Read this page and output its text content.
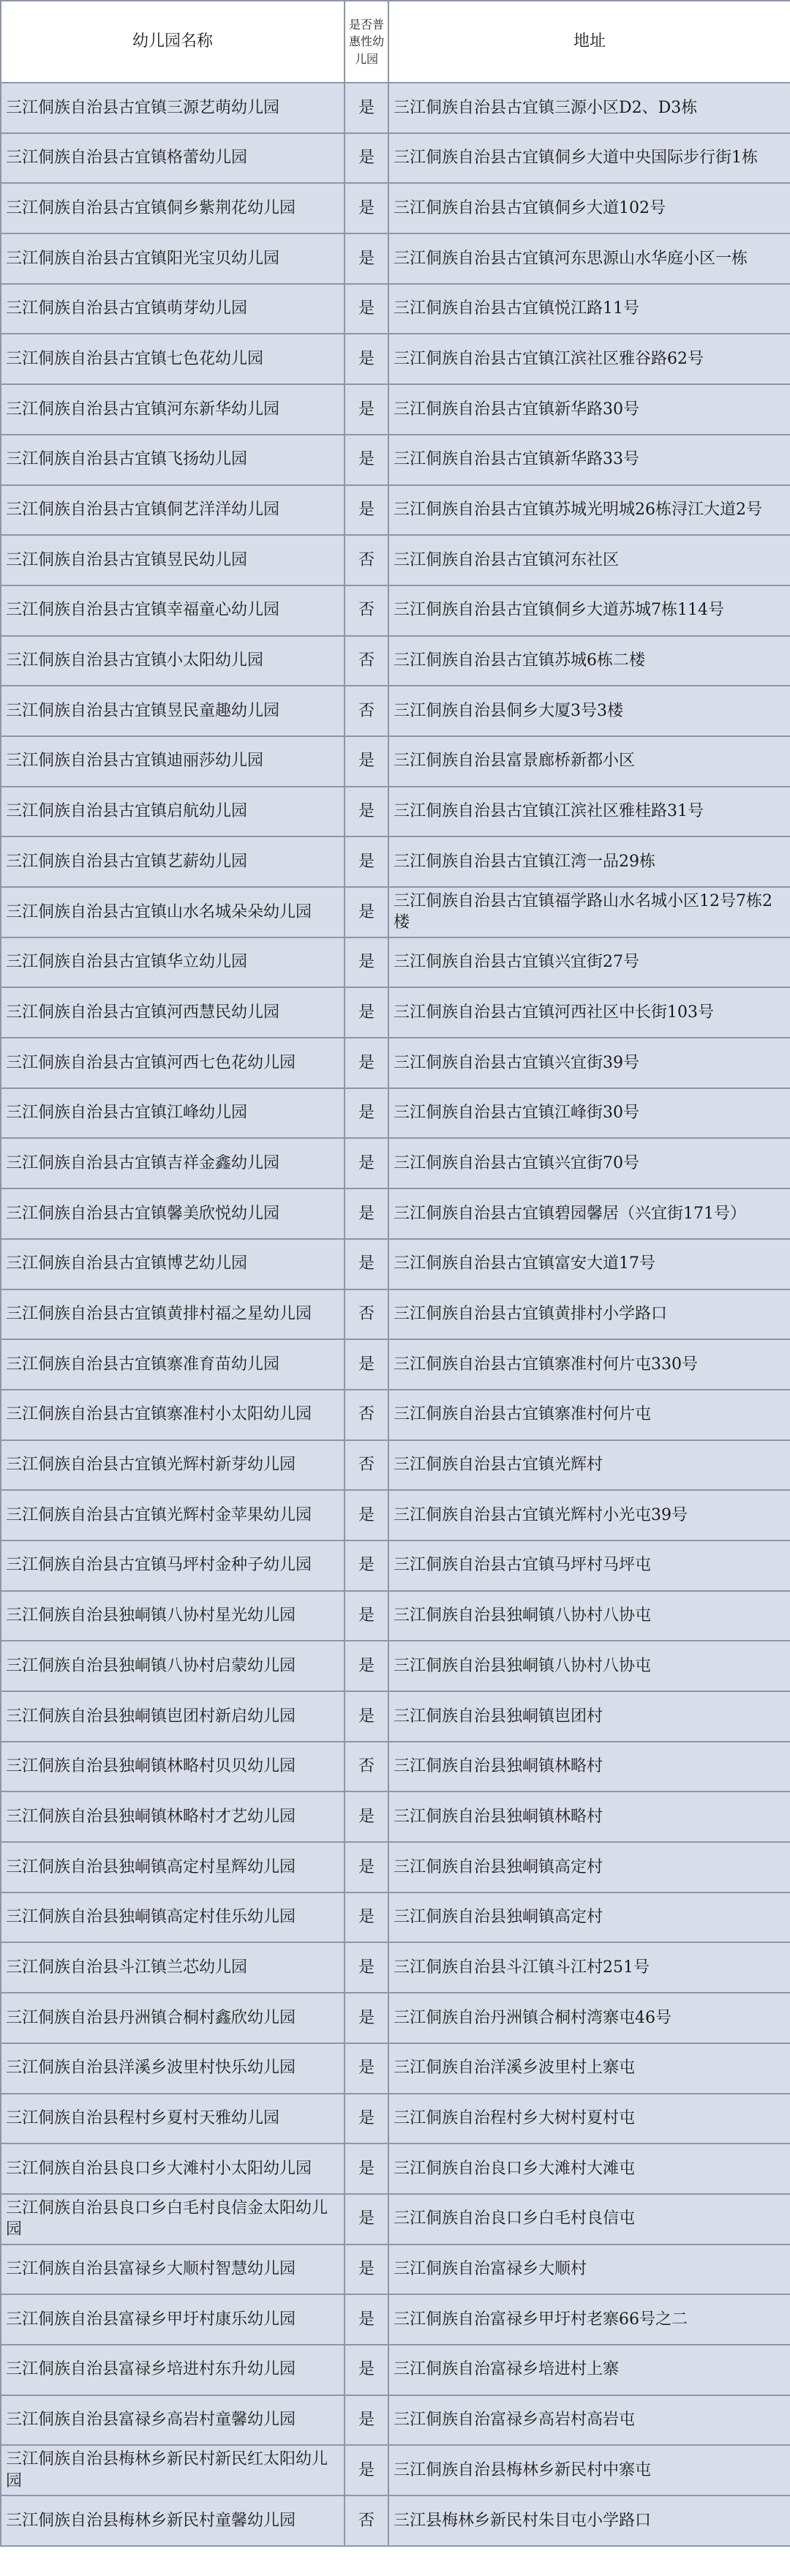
幼儿园名称	是否普惠性幼儿园	地址
三江侗族自治县古宜镇三源艺萌幼儿园	是	三江侗族自治县古宜镇三源小区D2、D3栋
三江侗族自治县古宜镇格蕾幼儿园	是	三江侗族自治县古宜镇侗乡大道中央国际步行街1栋
三江侗族自治县古宜镇侗乡紫荆花幼儿园	是	三江侗族自治县古宜镇侗乡大道102号
三江侗族自治县古宜镇阳光宝贝幼儿园	是	三江侗族自治县古宜镇河东思源山水华庭小区一栋
三江侗族自治县古宜镇萌芽幼儿园	是	三江侗族自治县古宜镇悦江路11号
三江侗族自治县古宜镇七色花幼儿园	是	三江侗族自治县古宜镇江滨社区雅谷路62号
三江侗族自治县古宜镇河东新华幼儿园	是	三江侗族自治县古宜镇新华路30号
三江侗族自治县古宜镇飞扬幼儿园	是	三江侗族自治县古宜镇新华路33号
三江侗族自治县古宜镇侗艺洋洋幼儿园	是	三江侗族自治县古宜镇苏城光明城26栋浔江大道2号
三江侗族自治县古宜镇昱民幼儿园	否	三江侗族自治县古宜镇河东社区
三江侗族自治县古宜镇幸福童心幼儿园	否	三江侗族自治县古宜镇侗乡大道苏城7栋114号
三江侗族自治县古宜镇小太阳幼儿园	否	三江侗族自治县古宜镇苏城6栋二楼
三江侗族自治县古宜镇昱民童趣幼儿园	否	三江侗族自治县侗乡大厦3号3楼
三江侗族自治县古宜镇迪丽莎幼儿园	是	三江侗族自治县富景廊桥新都小区
三江侗族自治县古宜镇启航幼儿园	是	三江侗族自治县古宜镇江滨社区雅桂路31号
三江侗族自治县古宜镇艺薪幼儿园	是	三江侗族自治县古宜镇江湾一品29栋
三江侗族自治县古宜镇山水名城朵朵幼儿园	是	三江侗族自治县古宜镇福学路山水名城小区12号7栋2楼
三江侗族自治县古宜镇华立幼儿园	是	三江侗族自治县古宜镇兴宜街27号
三江侗族自治县古宜镇河西慧民幼儿园	是	三江侗族自治县古宜镇河西社区中长街103号
三江侗族自治县古宜镇河西七色花幼儿园	是	三江侗族自治县古宜镇兴宜街39号
三江侗族自治县古宜镇江峰幼儿园	是	三江侗族自治县古宜镇江峰街30号
三江侗族自治县古宜镇吉祥金鑫幼儿园	是	三江侗族自治县古宜镇兴宜街70号
三江侗族自治县古宜镇馨美欣悦幼儿园	是	三江侗族自治县古宜镇碧园馨居（兴宜街171号）
三江侗族自治县古宜镇博艺幼儿园	是	三江侗族自治县古宜镇富安大道17号
三江侗族自治县古宜镇黄排村福之星幼儿园	否	三江侗族自治县古宜镇黄排村小学路口
三江侗族自治县古宜镇寨准育苗幼儿园	是	三江侗族自治县古宜镇寨准村何片屯330号
三江侗族自治县古宜镇寨准村小太阳幼儿园	否	三江侗族自治县古宜镇寨准村何片屯
三江侗族自治县古宜镇光辉村新芽幼儿园	否	三江侗族自治县古宜镇光辉村
三江侗族自治县古宜镇光辉村金苹果幼儿园	是	三江侗族自治县古宜镇光辉村小光屯39号
三江侗族自治县古宜镇马坪村金种子幼儿园	是	三江侗族自治县古宜镇马坪村马坪屯
三江侗族自治县独峒镇八协村星光幼儿园	是	三江侗族自治县独峒镇八协村八协屯
三江侗族自治县独峒镇八协村启蒙幼儿园	是	三江侗族自治县独峒镇八协村八协屯
三江侗族自治县独峒镇岜团村新启幼儿园	是	三江侗族自治县独峒镇岜团村
三江侗族自治县独峒镇林略村贝贝幼儿园	否	三江侗族自治县独峒镇林略村
三江侗族自治县独峒镇林略村才艺幼儿园	是	三江侗族自治县独峒镇林略村
三江侗族自治县独峒镇高定村星辉幼儿园	是	三江侗族自治县独峒镇高定村
三江侗族自治县独峒镇高定村佳乐幼儿园	是	三江侗族自治县独峒镇高定村
三江侗族自治县斗江镇兰芯幼儿园	是	三江侗族自治县斗江镇斗江村251号
三江侗族自治县丹洲镇合桐村鑫欣幼儿园	是	三江侗族自治丹洲镇合桐村湾寨屯46号
三江侗族自治县洋溪乡波里村快乐幼儿园	是	三江侗族自治洋溪乡波里村上寨屯
三江侗族自治县程村乡夏村天雅幼儿园	是	三江侗族自治程村乡大树村夏村屯
三江侗族自治县良口乡大滩村小太阳幼儿园	是	三江侗族自治良口乡大滩村大滩屯
三江侗族自治县良口乡白毛村良信金太阳幼儿园	是	三江侗族自治良口乡白毛村良信屯
三江侗族自治县富禄乡大顺村智慧幼儿园	是	三江侗族自治富禄乡大顺村
三江侗族自治县富禄乡甲圩村康乐幼儿园	是	三江侗族自治富禄乡甲圩村老寨66号之二
三江侗族自治县富禄乡培进村东升幼儿园	是	三江侗族自治富禄乡培进村上寨
三江侗族自治县富禄乡高岩村童馨幼儿园	是	三江侗族自治富禄乡高岩村高岩屯
三江侗族自治县梅林乡新民村新民红太阳幼儿园	是	三江侗族自治县梅林乡新民村中寨屯
三江侗族自治县梅林乡新民村童馨幼儿园	否	三江县梅林乡新民村朱目屯小学路口
